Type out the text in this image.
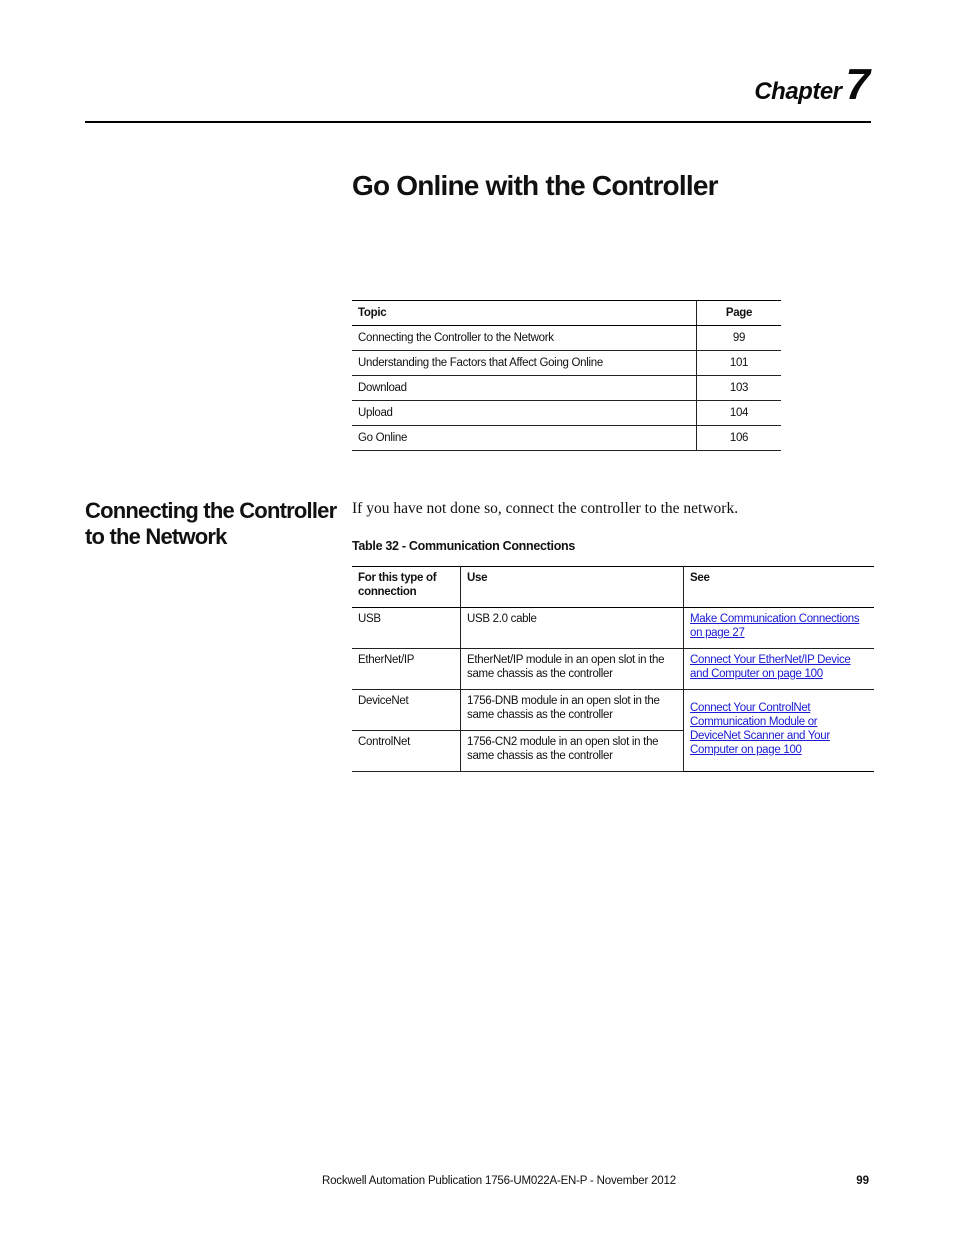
Chapter7
Go Online with the Controller
Topic	Page
Connecting the Controller to the Network	99
Understanding the Factors that Affect Going Online	101
Download	103
Upload	104
Go Online	106
Connecting the Controller to the Network
If you have not done so, connect the controller to the network.
Table 32 - Communication Connections
For this type of connection	Use	See
USB	USB 2.0 cable	Make Communication Connections on page 27
EtherNet/IP	EtherNet/IP module in an open slot in the same chassis as the controller	Connect Your EtherNet/IP Device and Computer on page 100
DeviceNet	1756-DNB module in an open slot in the same chassis as the controller	Connect Your ControlNet Communication Module or DeviceNet Scanner and Your Computer on page 100
ControlNet	1756-CN2 module in an open slot in the same chassis as the controller	
Rockwell Automation Publication 1756-UM022A-EN-P - November 2012	99
